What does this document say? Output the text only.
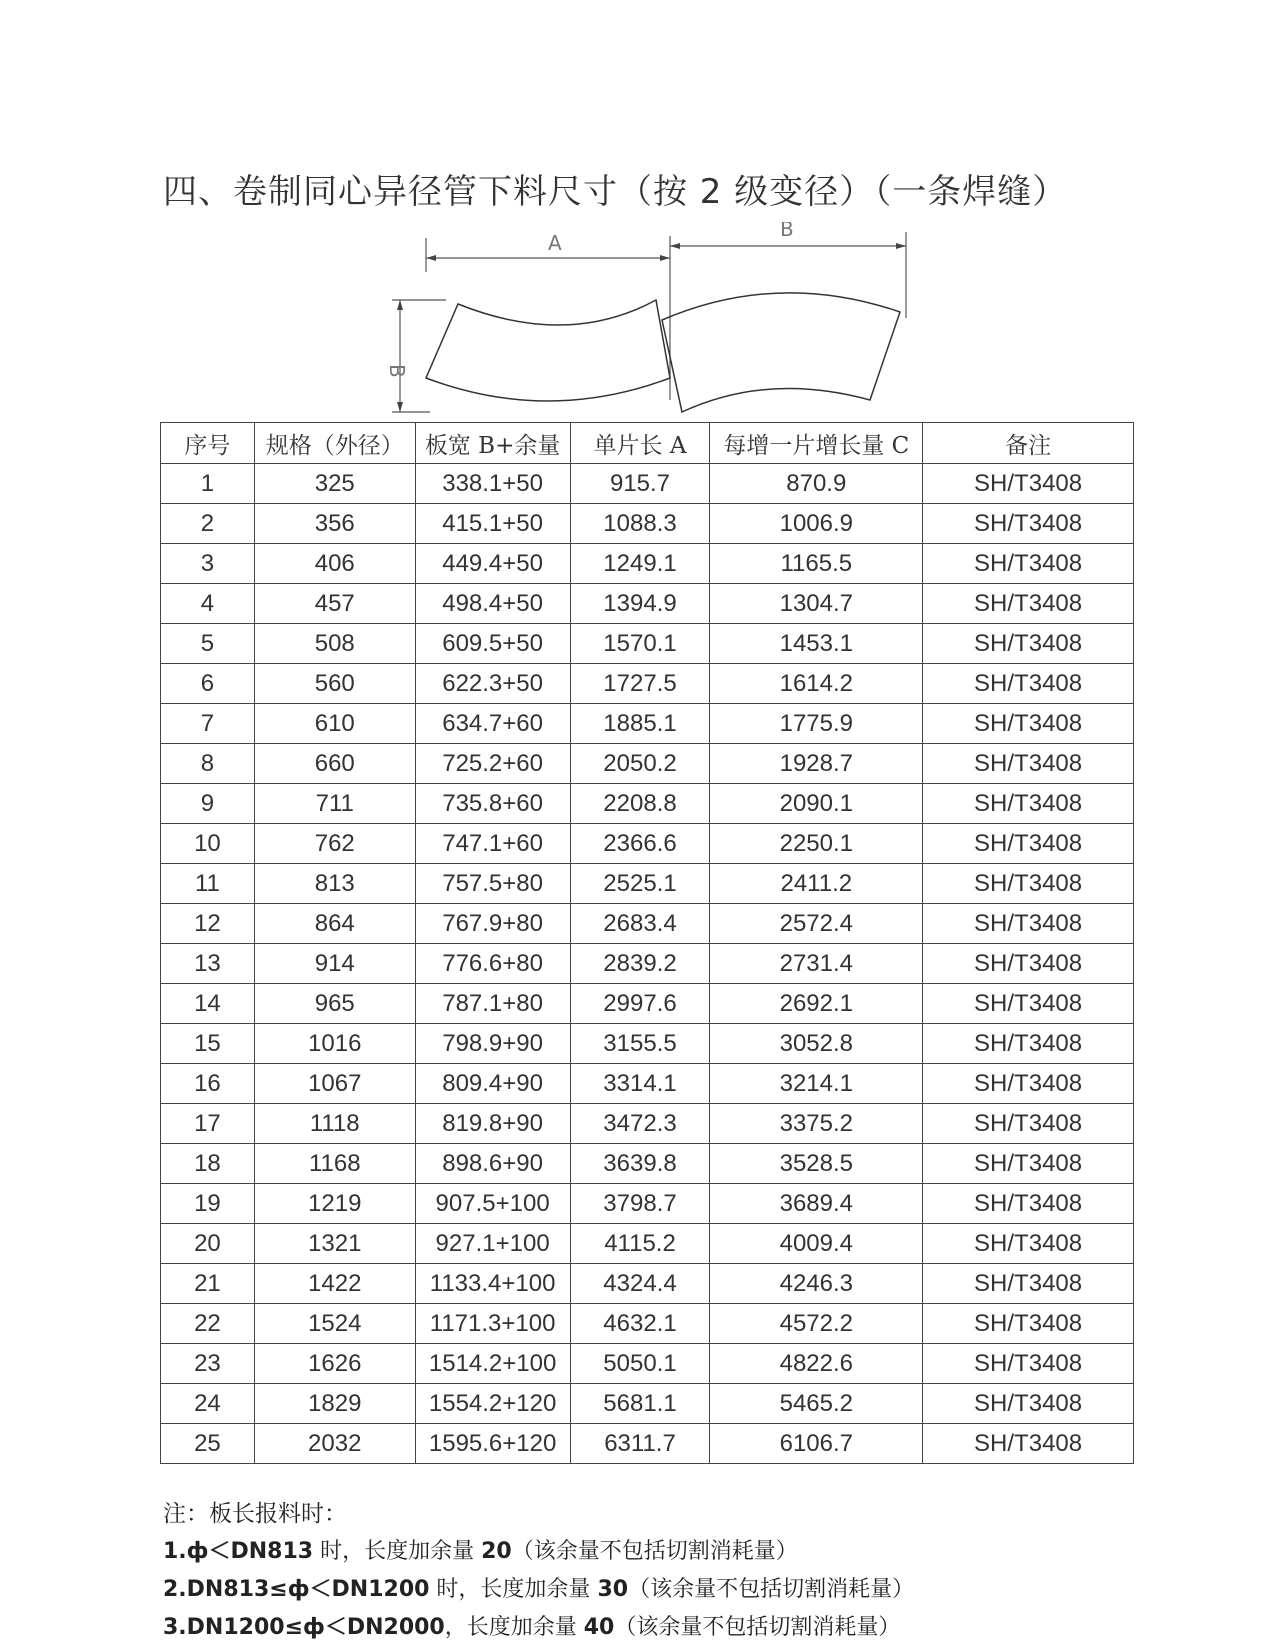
四、卷制同心异径管下料尺寸（按 2 级变径）（一条焊缝）
A
B
B
序号	规格（外径）	板宽 B+余量	单片长 A	每增一片增长量 C	备注
1	325	338.1+50	915.7	870.9	SH/T3408
2	356	415.1+50	1088.3	1006.9	SH/T3408
3	406	449.4+50	1249.1	1165.5	SH/T3408
4	457	498.4+50	1394.9	1304.7	SH/T3408
5	508	609.5+50	1570.1	1453.1	SH/T3408
6	560	622.3+50	1727.5	1614.2	SH/T3408
7	610	634.7+60	1885.1	1775.9	SH/T3408
8	660	725.2+60	2050.2	1928.7	SH/T3408
9	711	735.8+60	2208.8	2090.1	SH/T3408
10	762	747.1+60	2366.6	2250.1	SH/T3408
11	813	757.5+80	2525.1	2411.2	SH/T3408
12	864	767.9+80	2683.4	2572.4	SH/T3408
13	914	776.6+80	2839.2	2731.4	SH/T3408
14	965	787.1+80	2997.6	2692.1	SH/T3408
15	1016	798.9+90	3155.5	3052.8	SH/T3408
16	1067	809.4+90	3314.1	3214.1	SH/T3408
17	1118	819.8+90	3472.3	3375.2	SH/T3408
18	1168	898.6+90	3639.8	3528.5	SH/T3408
19	1219	907.5+100	3798.7	3689.4	SH/T3408
20	1321	927.1+100	4115.2	4009.4	SH/T3408
21	1422	1133.4+100	4324.4	4246.3	SH/T3408
22	1524	1171.3+100	4632.1	4572.2	SH/T3408
23	1626	1514.2+100	5050.1	4822.6	SH/T3408
24	1829	1554.2+120	5681.1	5465.2	SH/T3408
25	2032	1595.6+120	6311.7	6106.7	SH/T3408
注：板长报料时：
1.ф＜DN813 时，长度加余量 20（该余量不包括切割消耗量）
2.DN813≤ф＜DN1200 时，长度加余量 30（该余量不包括切割消耗量）
3.DN1200≤ф＜DN2000，长度加余量 40（该余量不包括切割消耗量）
